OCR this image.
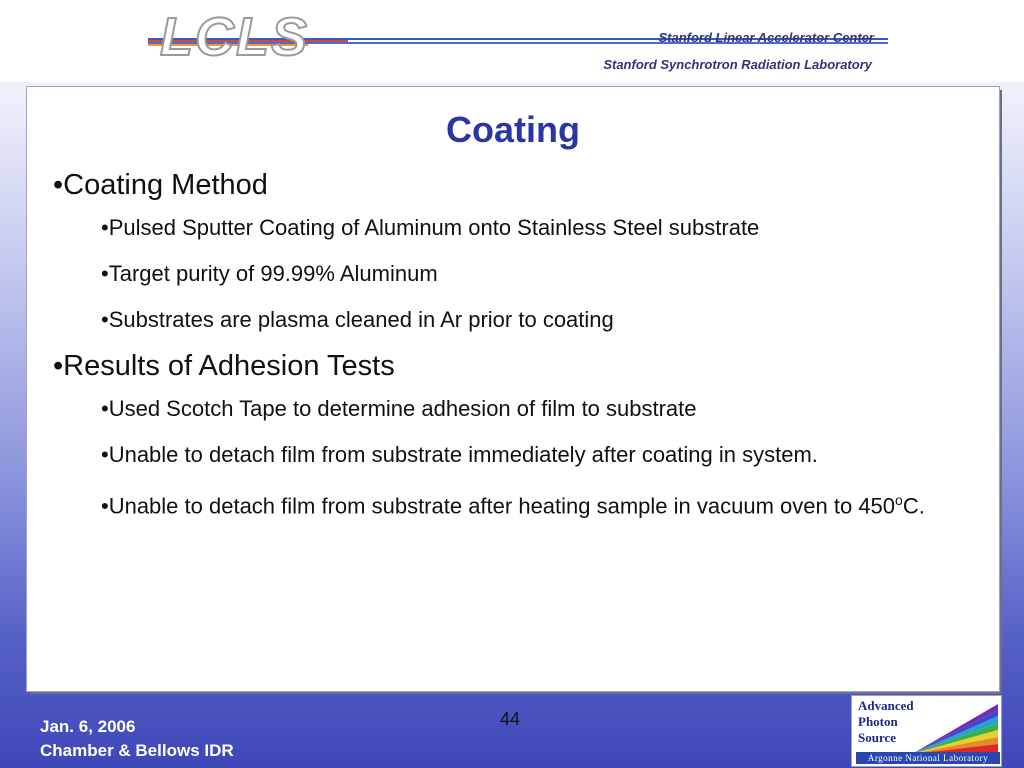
LCLS	Stanford Linear Accelerator Center
Stanford Synchrotron Radiation Laboratory
Coating
•Coating Method
•Pulsed Sputter Coating of Aluminum onto Stainless Steel substrate
•Target purity of 99.99% Aluminum
•Substrates are plasma cleaned in Ar prior to coating
•Results of Adhesion Tests
•Used Scotch Tape to determine adhesion of film to substrate
•Unable to detach film from substrate immediately after coating in system.
•Unable to detach film from substrate after heating sample in vacuum oven to 450$^o$C.
Jan. 6, 2006
Chamber & Bellows IDR
44
Advanced
Photon
Source
Argonne National Laboratory
